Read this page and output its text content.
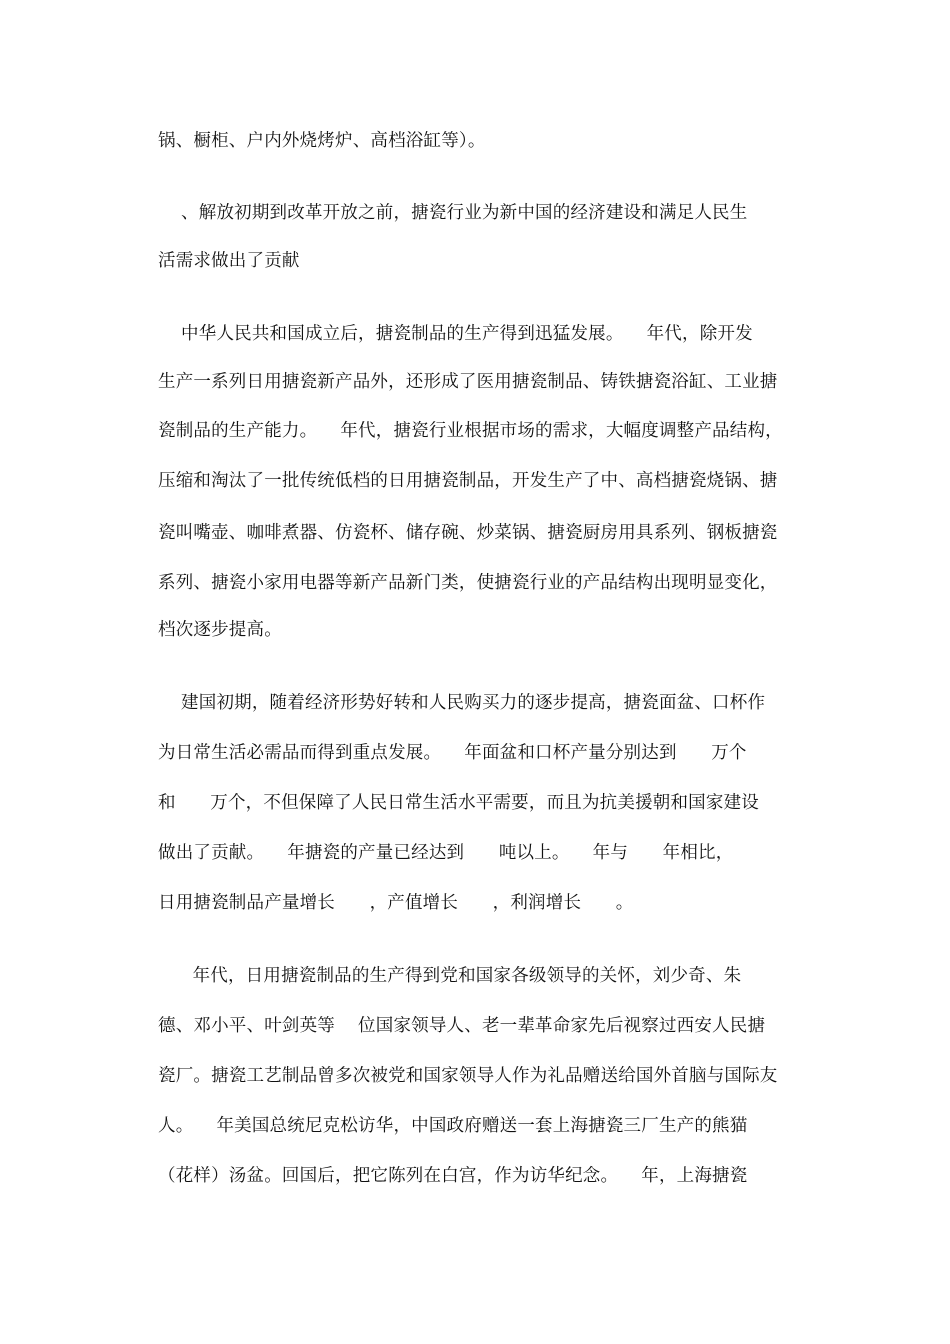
锅、橱柜、户内外烧烤炉、高档浴缸等）。
、解放初期到改革开放之前，搪瓷行业为新中国的经济建设和满足人民生
活需求做出了贡献
中华人民共和国成立后，搪瓷制品的生产得到迅猛发展。    年代，除开发
生产一系列日用搪瓷新产品外，还形成了医用搪瓷制品、铸铁搪瓷浴缸、工业搪
瓷制品的生产能力。    年代，搪瓷行业根据市场的需求，大幅度调整产品结构，
压缩和淘汰了一批传统低档的日用搪瓷制品，开发生产了中、高档搪瓷烧锅、搪
瓷叫嘴壶、咖啡煮器、仿瓷杯、储存碗、炒菜锅、搪瓷厨房用具系列、钢板搪瓷
系列、搪瓷小家用电器等新产品新门类，使搪瓷行业的产品结构出现明显变化，
档次逐步提高。
建国初期，随着经济形势好转和人民购买力的逐步提高，搪瓷面盆、口杯作
为日常生活必需品而得到重点发展。    年面盆和口杯产量分别达到      万个
和      万个，不但保障了人民日常生活水平需要，而且为抗美援朝和国家建设
做出了贡献。    年搪瓷的产量已经达到      吨以上。    年与      年相比，
日用搪瓷制品产量增长      ，产值增长      ，利润增长      。
年代，日用搪瓷制品的生产得到党和国家各级领导的关怀，刘少奇、朱
德、邓小平、叶剑英等    位国家领导人、老一辈革命家先后视察过西安人民搪
瓷厂。搪瓷工艺制品曾多次被党和国家领导人作为礼品赠送给国外首脑与国际友
人。    年美国总统尼克松访华，中国政府赠送一套上海搪瓷三厂生产的熊猫
（花样）汤盆。回国后，把它陈列在白宫，作为访华纪念。    年，上海搪瓷
